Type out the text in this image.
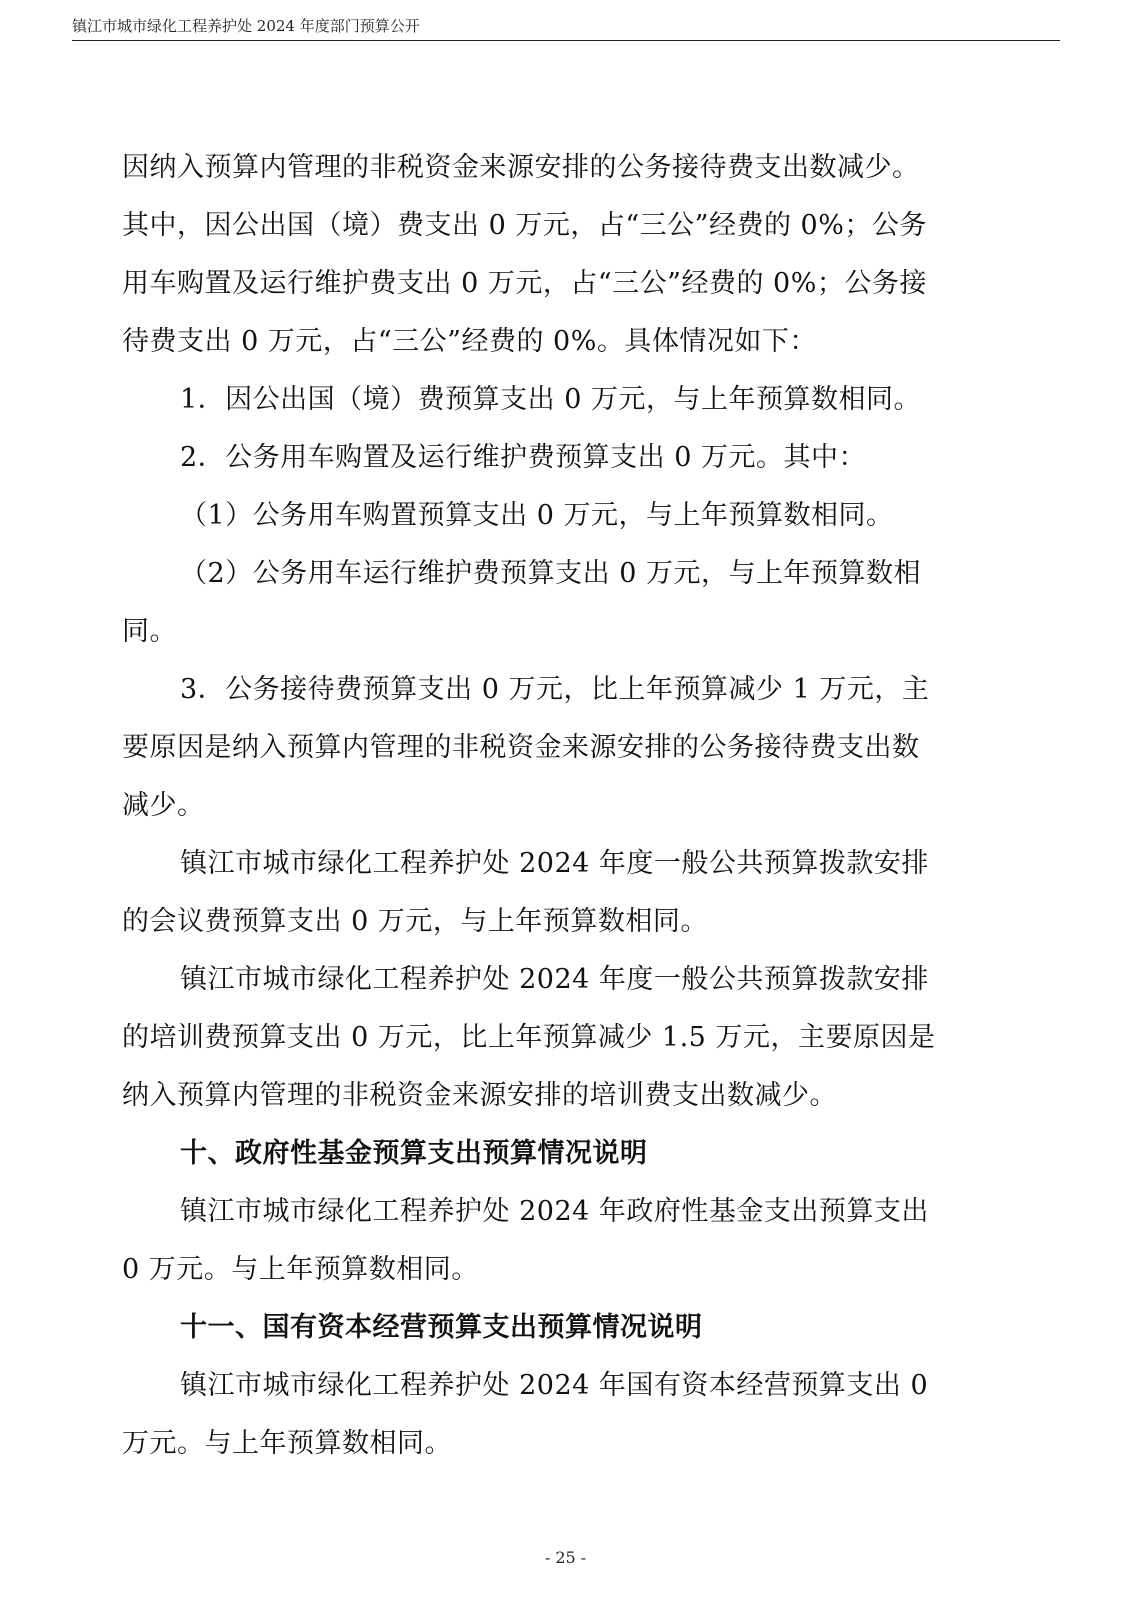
镇江市城市绿化工程养护处 2024 年度部门预算公开
因纳入预算内管理的非税资金来源安排的公务接待费支出数减少。
其中，因公出国（境）费支出 0 万元，占“三公”经费的 0%；公务
用车购置及运行维护费支出 0 万元，占“三公”经费的 0%；公务接
待费支出 0 万元，占“三公”经费的 0%。具体情况如下：
1．因公出国（境）费预算支出 0 万元，与上年预算数相同。
2．公务用车购置及运行维护费预算支出 0 万元。其中：
（1）公务用车购置预算支出 0 万元，与上年预算数相同。
（2）公务用车运行维护费预算支出 0 万元，与上年预算数相
同。
3．公务接待费预算支出 0 万元，比上年预算减少 1 万元，主
要原因是纳入预算内管理的非税资金来源安排的公务接待费支出数
减少。
镇江市城市绿化工程养护处 2024 年度一般公共预算拨款安排
的会议费预算支出 0 万元，与上年预算数相同。
镇江市城市绿化工程养护处 2024 年度一般公共预算拨款安排
的培训费预算支出 0 万元，比上年预算减少 1.5 万元，主要原因是
纳入预算内管理的非税资金来源安排的培训费支出数减少。
十、政府性基金预算支出预算情况说明
镇江市城市绿化工程养护处 2024 年政府性基金支出预算支出
0 万元。与上年预算数相同。
十一、国有资本经营预算支出预算情况说明
镇江市城市绿化工程养护处 2024 年国有资本经营预算支出 0
万元。与上年预算数相同。
- 25 -
